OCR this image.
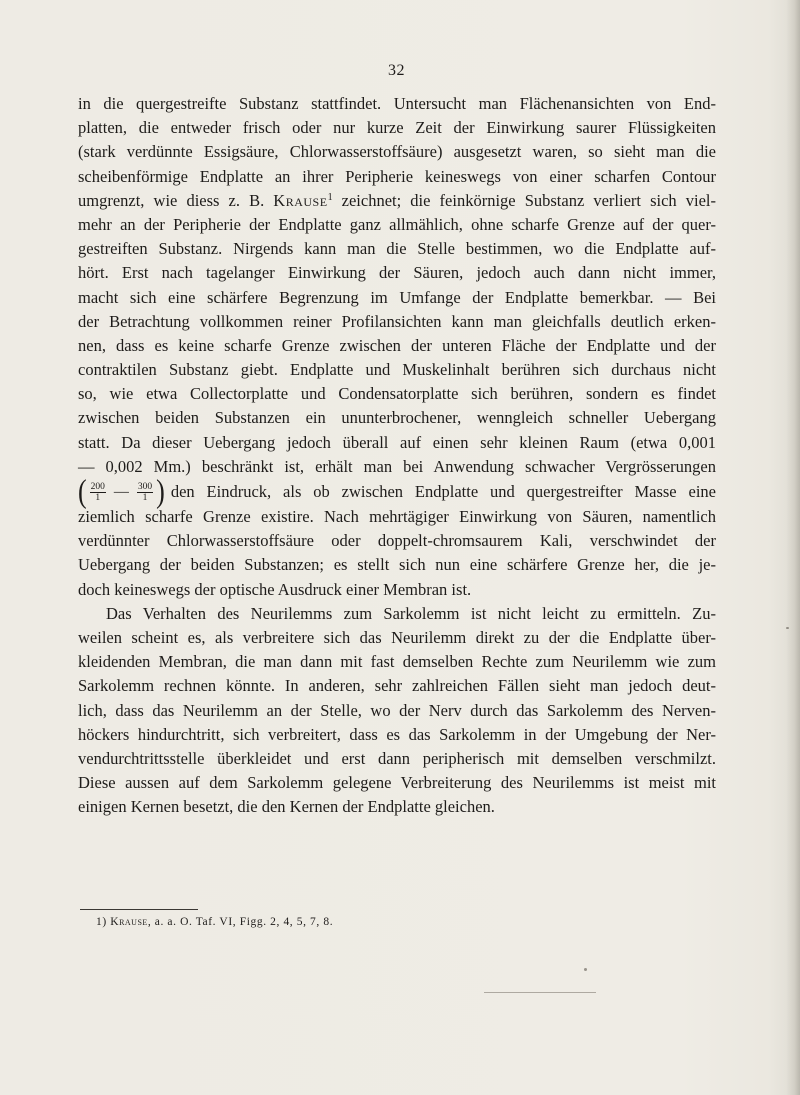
32
in die quergestreifte Substanz stattfindet. Untersucht man Flächenansichten von End-
platten, die entweder frisch oder nur kurze Zeit der Einwirkung saurer Flüssigkeiten
(stark verdünnte Essigsäure, Chlorwasserstoffsäure) ausgesetzt waren, so sieht man die
scheibenförmige Endplatte an ihrer Peripherie keineswegs von einer scharfen Contour
umgrenzt, wie diess z. B. Krause$^1$ zeichnet; die feinkörnige Substanz verliert sich viel-
mehr an der Peripherie der Endplatte ganz allmählich, ohne scharfe Grenze auf der quer-
gestreiften Substanz. Nirgends kann man die Stelle bestimmen, wo die Endplatte auf-
hört. Erst nach tagelanger Einwirkung der Säuren, jedoch auch dann nicht immer,
macht sich eine schärfere Begrenzung im Umfange der Endplatte bemerkbar. — Bei
der Betrachtung vollkommen reiner Profilansichten kann man gleichfalls deutlich erken-
nen, dass es keine scharfe Grenze zwischen der unteren Fläche der Endplatte und der
contraktilen Substanz giebt. Endplatte und Muskelinhalt berühren sich durchaus nicht
so, wie etwa Collectorplatte und Condensatorplatte sich berühren, sondern es findet
zwischen beiden Substanzen ein ununterbrochener, wenngleich schneller Uebergang
statt. Da dieser Uebergang jedoch überall auf einen sehr kleinen Raum (etwa 0,001
— 0,002 Mm.) beschränkt ist, erhält man bei Anwendung schwacher Vergrösserungen
( $\frac{200}{1}$ — $\frac{300}{1}$ ) den Eindruck, als ob zwischen Endplatte und quergestreifter Masse eine
ziemlich scharfe Grenze existire. Nach mehrtägiger Einwirkung von Säuren, namentlich
verdünnter Chlorwasserstoffsäure oder doppelt-chromsaurem Kali, verschwindet der
Uebergang der beiden Substanzen; es stellt sich nun eine schärfere Grenze her, die je-
doch keineswegs der optische Ausdruck einer Membran ist.
Das Verhalten des Neurilemms zum Sarkolemm ist nicht leicht zu ermitteln. Zu-
weilen scheint es, als verbreitere sich das Neurilemm direkt zu der die Endplatte über-
kleidenden Membran, die man dann mit fast demselben Rechte zum Neurilemm wie zum
Sarkolemm rechnen könnte. In anderen, sehr zahlreichen Fällen sieht man jedoch deut-
lich, dass das Neurilemm an der Stelle, wo der Nerv durch das Sarkolemm des Nerven-
höckers hindurchtritt, sich verbreitert, dass es das Sarkolemm in der Umgebung der Ner-
vendurchtrittsstelle überkleidet und erst dann peripherisch mit demselben verschmilzt.
Diese aussen auf dem Sarkolemm gelegene Verbreiterung des Neurilemms ist meist mit
einigen Kernen besetzt, die den Kernen der Endplatte gleichen.
1) Krause, a. a. O. Taf. VI, Figg. 2, 4, 5, 7, 8.
